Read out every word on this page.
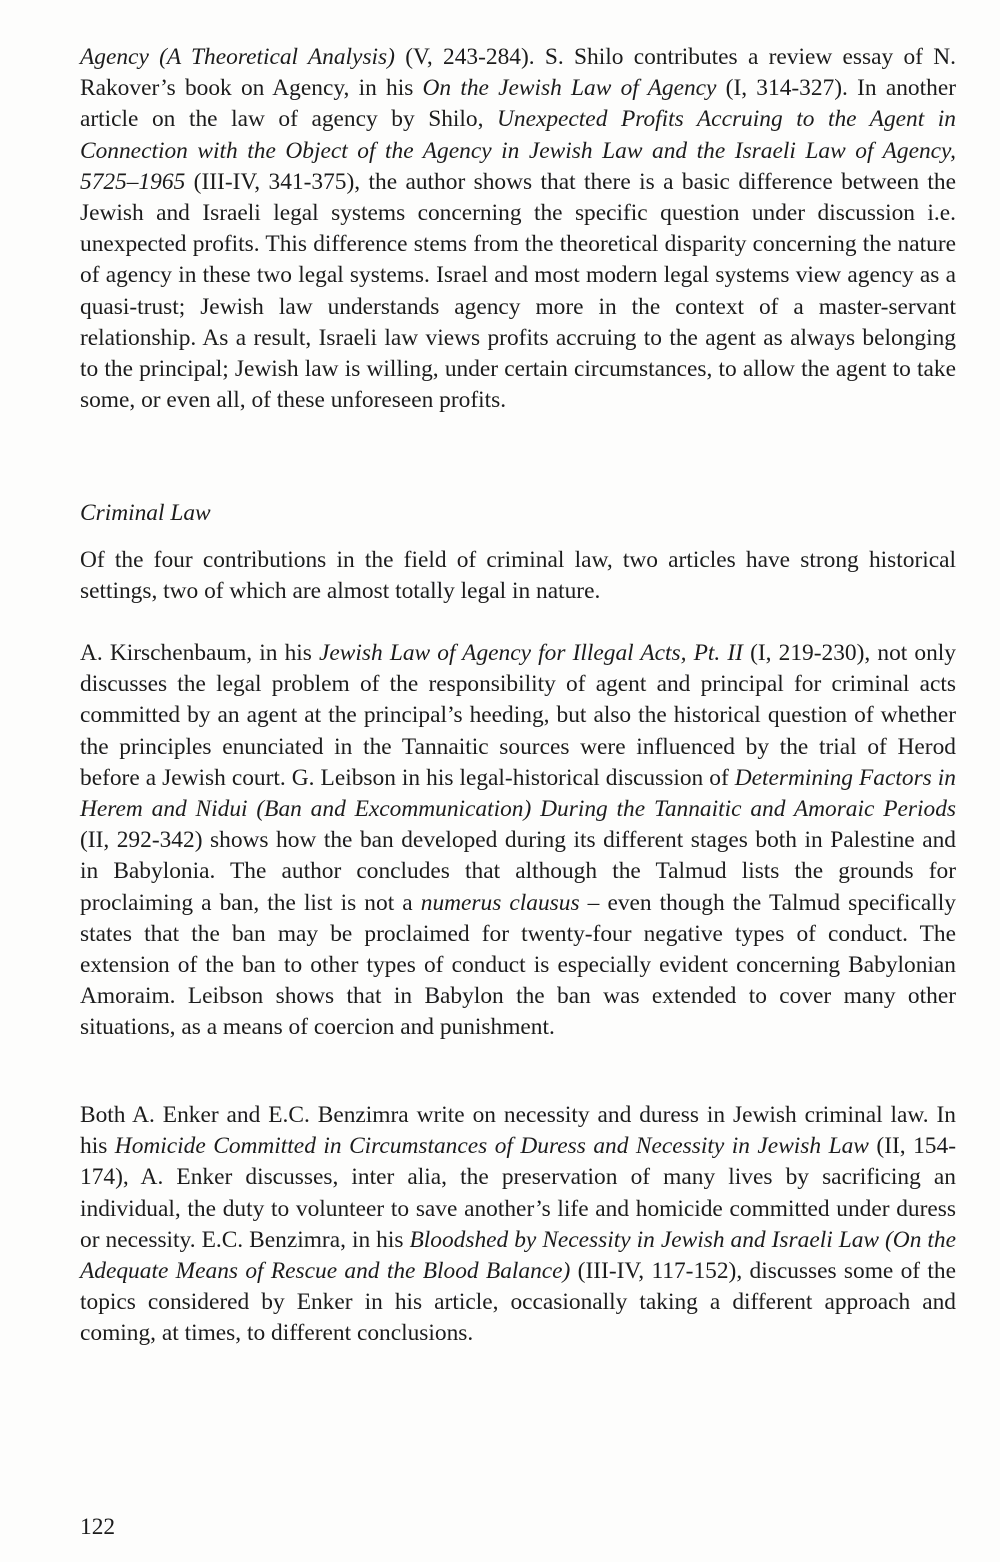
Agency (A Theoretical Analysis) (V, 243-284). S. Shilo contributes a review essay of N. Rakover’s book on Agency, in his On the Jewish Law of Agency (I, 314-327). In another article on the law of agency by Shilo, Unexpected Profits Accruing to the Agent in Connection with the Object of the Agency in Jewish Law and the Israeli Law of Agency, 5725–1965 (III-IV, 341-375), the author shows that there is a basic difference between the Jewish and Israeli legal systems concerning the specific question under discussion i.e. unexpected profits. This difference stems from the theoretical disparity concerning the nature of agency in these two legal systems. Israel and most modern legal systems view agency as a quasi-trust; Jewish law understands agency more in the context of a master-servant relationship. As a result, Israeli law views profits accruing to the agent as always belonging to the principal; Jewish law is willing, under certain circumstances, to allow the agent to take some, or even all, of these unforeseen profits.

Criminal Law

Of the four contributions in the field of criminal law, two articles have strong historical settings, two of which are almost totally legal in nature.

A. Kirschenbaum, in his Jewish Law of Agency for Illegal Acts, Pt. II (I, 219-230), not only discusses the legal problem of the responsibility of agent and principal for criminal acts committed by an agent at the principal’s heeding, but also the historical question of whether the principles enunciated in the Tannaitic sources were influenced by the trial of Herod before a Jewish court. G. Leibson in his legal-historical discussion of Determining Factors in Herem and Nidui (Ban and Excommunication) During the Tannaitic and Amoraic Periods (II, 292-342) shows how the ban developed during its different stages both in Palestine and in Babylonia. The author concludes that although the Talmud lists the grounds for proclaiming a ban, the list is not a numerus clausus – even though the Talmud specifically states that the ban may be proclaimed for twenty-four negative types of conduct. The extension of the ban to other types of conduct is especially evident concerning Babylonian Amoraim. Leibson shows that in Babylon the ban was extended to cover many other situations, as a means of coercion and punishment.

Both A. Enker and E.C. Benzimra write on necessity and duress in Jewish criminal law. In his Homicide Committed in Circumstances of Duress and Necessity in Jewish Law (II, 154-174), A. Enker discusses, inter alia, the preservation of many lives by sacrificing an individual, the duty to volunteer to save another’s life and homicide committed under duress or necessity. E.C. Benzimra, in his Bloodshed by Necessity in Jewish and Israeli Law (On the Adequate Means of Rescue and the Blood Balance) (III-IV, 117-152), discusses some of the topics considered by Enker in his article, occasionally taking a different approach and coming, at times, to different conclusions.

122
